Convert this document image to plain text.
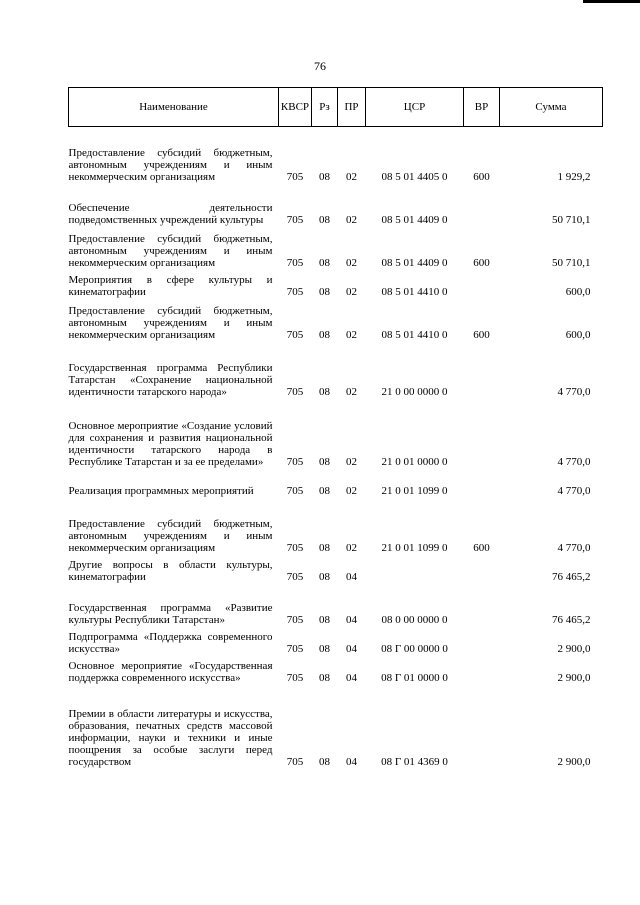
76
Наименование	КВСР	Рз	ПР	ЦСР	ВР	Сумма
Предоставление субсидий бюджетным, автономным учреждениям и иным некоммерческим организациям	705	08	02	08 5 01 4405 0	600	1 929,2
Обеспечение деятельности подведомственных учреждений культуры	705	08	02	08 5 01 4409 0		50 710,1
Предоставление субсидий бюджетным, автономным учреждениям и иным некоммерческим организациям	705	08	02	08 5 01 4409 0	600	50 710,1
Мероприятия в сфере культуры и кинематографии	705	08	02	08 5 01 4410 0		600,0
Предоставление субсидий бюджетным, автономным учреждениям и иным некоммерческим организациям	705	08	02	08 5 01 4410 0	600	600,0
Государственная программа Республики Татарстан «Сохранение национальной идентичности татарского народа»	705	08	02	21 0 00 0000 0		4 770,0
Основное мероприятие «Создание условий для сохранения и развития национальной идентичности татарского народа в Республике Татарстан и за ее пределами»	705	08	02	21 0 01 0000 0		4 770,0
Реализация программных мероприятий	705	08	02	21 0 01 1099 0		4 770,0
Предоставление субсидий бюджетным, автономным учреждениям и иным некоммерческим организациям	705	08	02	21 0 01 1099 0	600	4 770,0
Другие вопросы в области культуры, кинематографии	705	08	04			76 465,2
Государственная программа «Развитие культуры Республики Татарстан»	705	08	04	08 0 00 0000 0		76 465,2
Подпрограмма «Поддержка современного искусства»	705	08	04	08 Г 00 0000 0		2 900,0
Основное мероприятие «Государственная поддержка современного искусства»	705	08	04	08 Г 01 0000 0		2 900,0
Премии в области литературы и искусства, образования, печатных средств массовой информации, науки и техники и иные поощрения за особые заслуги перед государством	705	08	04	08 Г 01 4369 0		2 900,0
